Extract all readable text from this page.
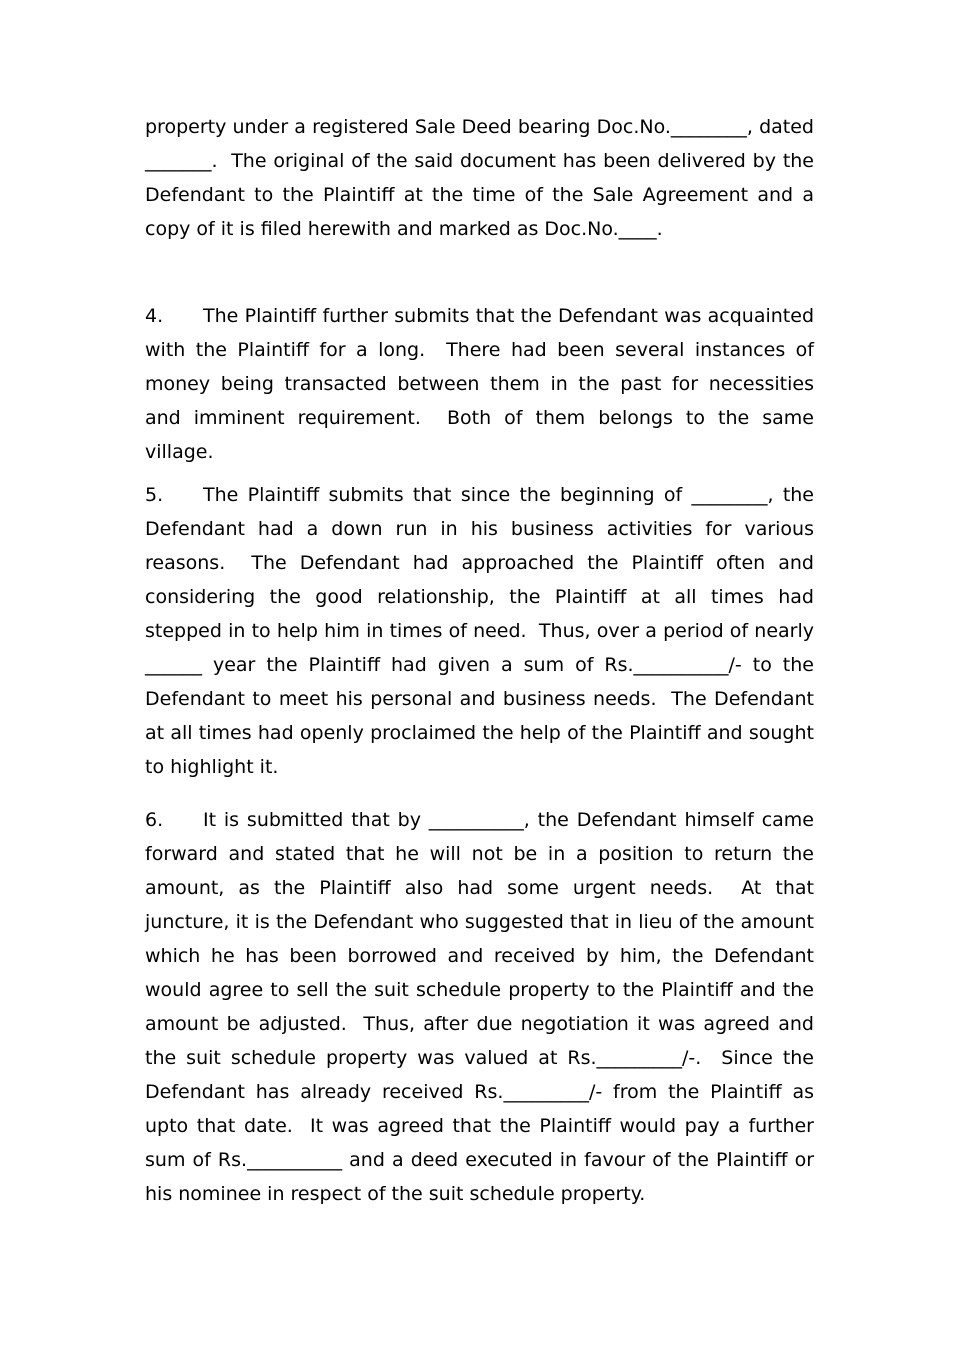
property under a registered Sale Deed bearing Doc.No.________, dated _______.  The original of the said document has been delivered by the Defendant to the Plaintiff at the time of the Sale Agreement and a  copy of it is filed herewith and marked as Doc.No.____.

4. The Plaintiff further submits that the Defendant was acquainted with the Plaintiff for a long.  There had been several instances of money being transacted between them in the past for necessities and imminent requirement.  Both of them belongs to the same village.

5. The Plaintiff submits that since the beginning of ________, the Defendant had a down run in his business activities for various reasons.  The Defendant had approached the Plaintiff often and considering the good relationship, the Plaintiff at all times had stepped in to help him in times of need.  Thus, over a period of nearly ______ year the Plaintiff had given a sum of Rs.__________/- to the Defendant to meet his personal and business needs.  The Defendant at all times had openly proclaimed the help of the Plaintiff and sought to highlight it.

6. It is submitted that by __________, the Defendant himself came forward and stated that he will not be in a position to return the amount, as the Plaintiff also had some urgent needs.  At that juncture, it is the Defendant who suggested that in lieu of the amount which he has been borrowed and received by him, the Defendant would agree to sell the suit schedule property to the Plaintiff and the amount be adjusted.  Thus, after due negotiation it was agreed and the suit schedule property was valued at Rs._________/-.  Since the Defendant has already received Rs._________/- from the Plaintiff as upto that date.  It was agreed that the Plaintiff would pay a further sum of Rs.__________ and a deed executed in favour of the Plaintiff or his nominee in respect of the suit schedule property.
